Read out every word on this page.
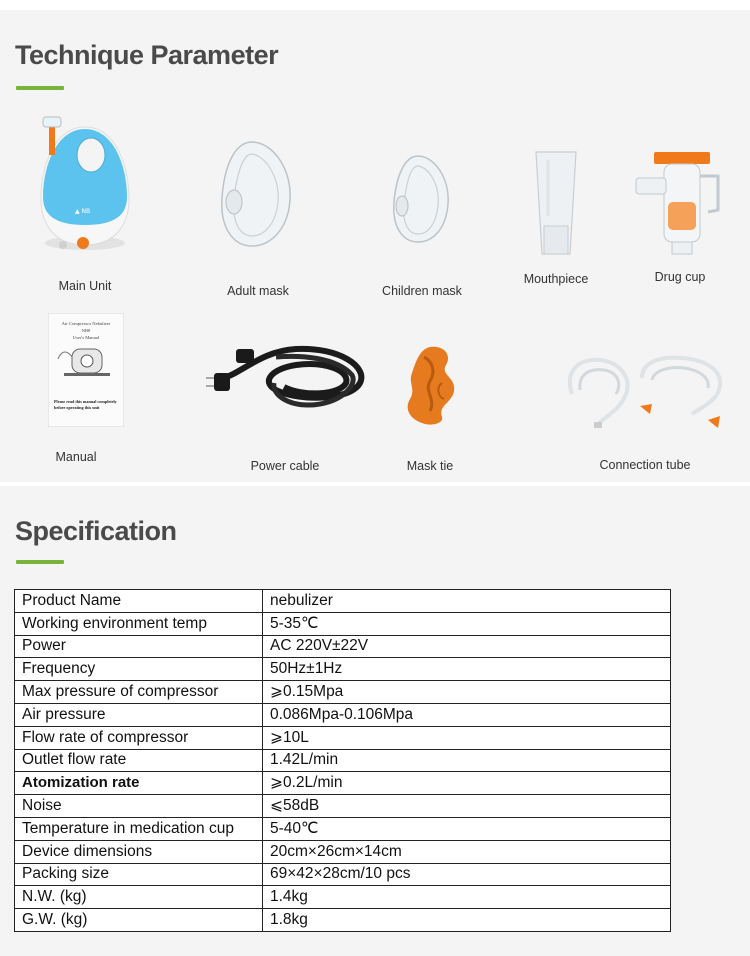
Technique Parameter
▲ NB
Main Unit	Adult mask	Children mask
Mouthpiece	Drug cup
Air Compressor Nebulizer
NB8
User's Manual
Please read this manual completely
before operating this unit
Manual
Power cable	Mask tie	Connection tube
Specification
Product Name	nebulizer
Working environment temp	5-35℃
Power	AC 220V±22V
Frequency	50Hz±1Hz
Max pressure of compressor	⩾0.15Mpa
Air pressure	0.086Mpa-0.106Mpa
Flow rate of compressor	⩾10L
Outlet flow rate	1.42L/min
Atomization rate	⩾0.2L/min
Noise	⩽58dB
Temperature in medication cup	5-40℃
Device dimensions	20cm×26cm×14cm
Packing size	69×42×28cm/10 pcs
N.W. (kg)	1.4kg
G.W. (kg)	1.8kg
